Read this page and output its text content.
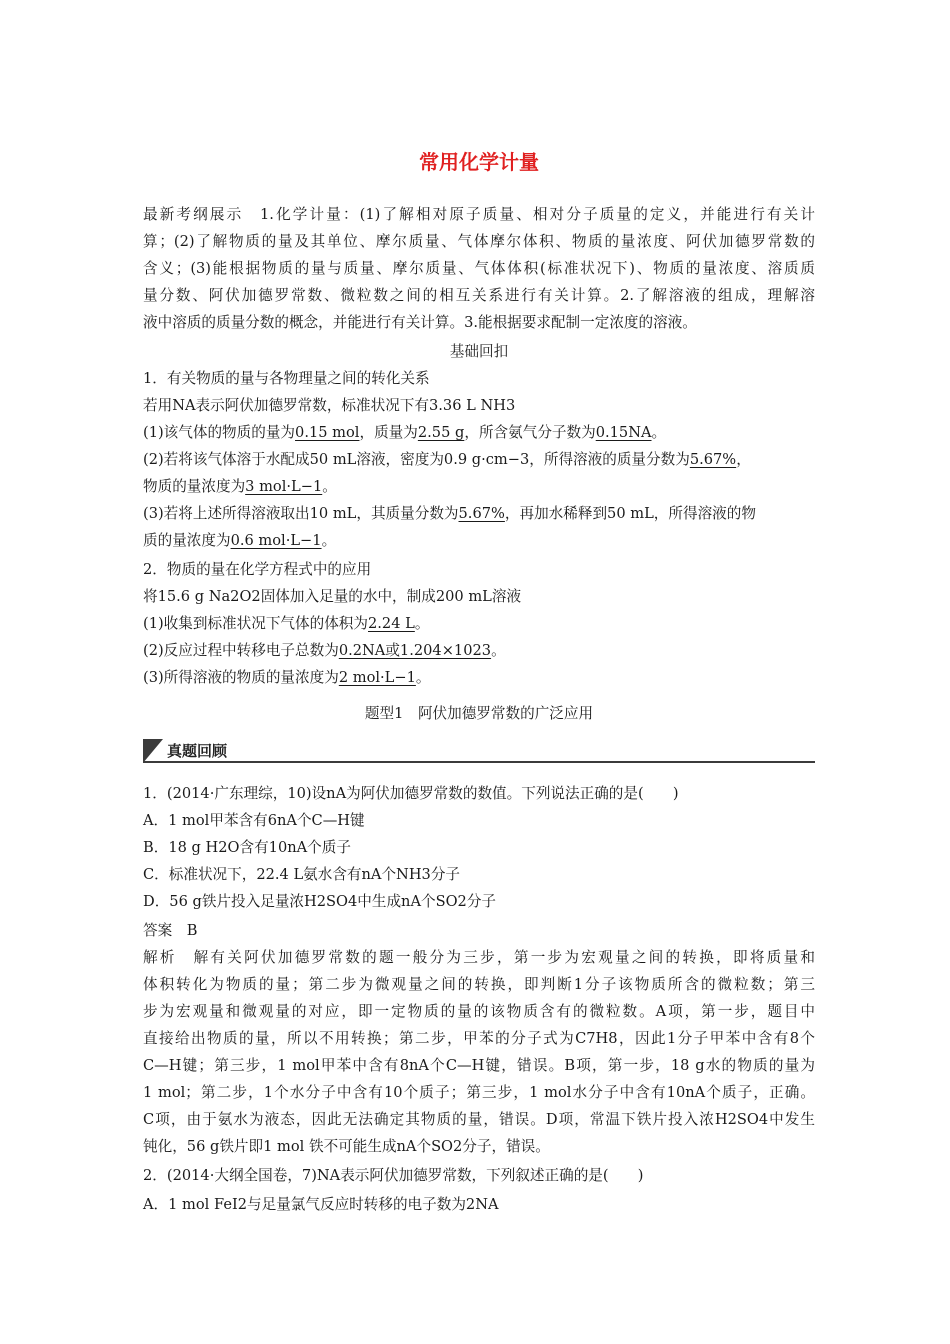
常用化学计量
最新考纲展示　1.化学计量：(1)了解相对原子质量、相对分子质量的定义，并能进行有关计
算；(2)了解物质的量及其单位、摩尔质量、气体摩尔体积、物质的量浓度、阿伏加德罗常数的
含义；(3)能根据物质的量与质量、摩尔质量、气体体积(标准状况下)、物质的量浓度、溶质质
量分数、阿伏加德罗常数、微粒数之间的相互关系进行有关计算。2.了解溶液的组成，理解溶
液中溶质的质量分数的概念，并能进行有关计算。3.能根据要求配制一定浓度的溶液。
基础回扣
1．有关物质的量与各物理量之间的转化关系
若用NA表示阿伏加德罗常数，标准状况下有3.36 L NH3
(1)该气体的物质的量为0.15 mol，质量为2.55 g，所含氨气分子数为0.15NA。
(2)若将该气体溶于水配成50 mL溶液，密度为0.9 g·cm−3，所得溶液的质量分数为5.67%，
物质的量浓度为3 mol·L−1。
(3)若将上述所得溶液取出10 mL，其质量分数为5.67%，再加水稀释到50 mL，所得溶液的物
质的量浓度为0.6 mol·L−1。
2．物质的量在化学方程式中的应用
将15.6 g Na2O2固体加入足量的水中，制成200 mL溶液
(1)收集到标准状况下气体的体积为2.24 L。
(2)反应过程中转移电子总数为0.2NA或1.204×1023。
(3)所得溶液的物质的量浓度为2 mol·L−1。
题型1　阿伏加德罗常数的广泛应用
真题回顾
1．(2014·广东理综，10)设nA为阿伏加德罗常数的数值。下列说法正确的是(　　)
A．1 mol甲苯含有6nA个C—H键
B．18 g H2O含有10nA个质子
C．标准状况下，22.4 L氨水含有nA个NH3分子
D．56 g铁片投入足量浓H2SO4中生成nA个SO2分子
答案　B
解析　解有关阿伏加德罗常数的题一般分为三步，第一步为宏观量之间的转换，即将质量和
体积转化为物质的量；第二步为微观量之间的转换，即判断1分子该物质所含的微粒数；第三
步为宏观量和微观量的对应，即一定物质的量的该物质含有的微粒数。A项，第一步，题目中
直接给出物质的量，所以不用转换；第二步，甲苯的分子式为C7H8，因此1分子甲苯中含有8个
C—H键；第三步，1 mol甲苯中含有8nA个C—H键，错误。B项，第一步，18 g水的物质的量为
1 mol；第二步，1个水分子中含有10个质子；第三步，1 mol水分子中含有10nA个质子，正确。
C项，由于氨水为液态，因此无法确定其物质的量，错误。D项，常温下铁片投入浓H2SO4中发生
钝化，56 g铁片即1 mol 铁不可能生成nA个SO2分子，错误。
2．(2014·大纲全国卷，7)NA表示阿伏加德罗常数，下列叙述正确的是(　　)
A．1 mol FeI2与足量氯气反应时转移的电子数为2NA
